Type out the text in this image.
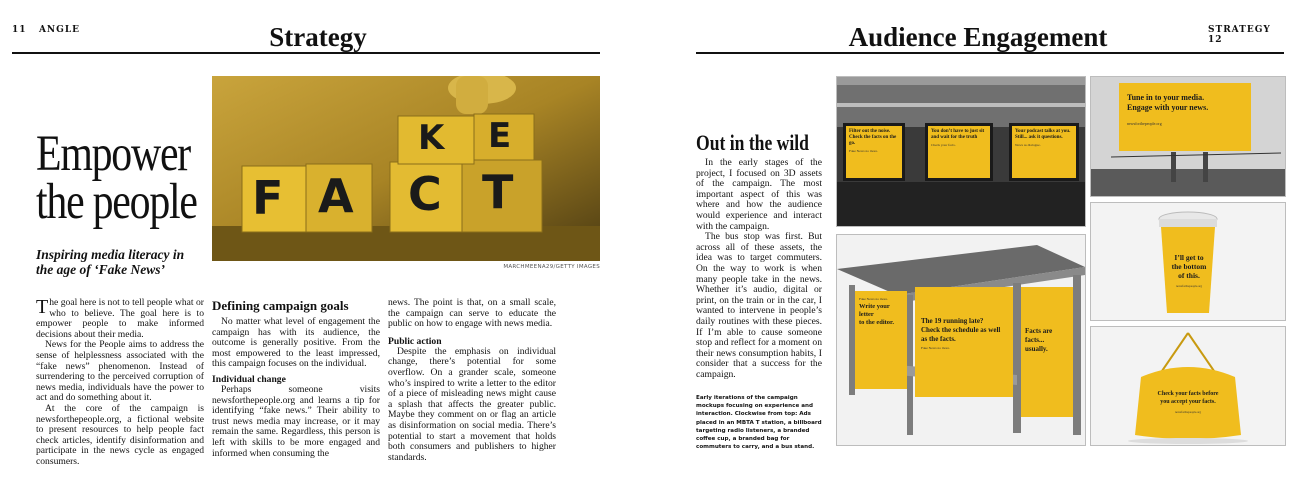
11 ANGLE	Strategy
F A C T
K E
MARCHMEENA29/GETTY IMAGES
Empower
the people
Inspiring media literacy in
the age of ‘Fake News’

The goal here is not to tell people what or who to believe. The goal here is to empower people to make informed decisions about their media.

News for the People aims to address the sense of helplessness associated with the “fake news” phenomenon. Instead of surrendering to the perceived corruption of news media, individuals have the power to act and do something about it.

At the core of the campaign is newsforthepeople.org, a fictional website to present resources to help people fact check articles, identify disinformation and participate in the news cycle as engaged consumers.

Defining campaign goals

No matter what level of engagement the campaign has with its audience, the outcome is generally positive. From the most empowered to the least impressed, this campaign focuses on the individual.

Individual change

Perhaps someone visits newsforthepeople.org and learns a tip for identifying “fake news.” Their ability to trust news media may increase, or it may remain the same. Regardless, this person is left with skills to be more engaged and informed when consuming the

news. The point is that, on a small scale, the campaign can serve to educate the public on how to engage with news media.

Public action

Despite the emphasis on individual change, there’s potential for some overflow. On a grander scale, someone who’s inspired to write a letter to the editor of a piece of misleading news might cause a splash that affects the greater public. Maybe they comment on or flag an article as disinformation on social media. There’s potential to start a movement that holds both consumers and publishers to higher standards.

Audience Engagement	STRATEGY   12
Out in the wild

In the early stages of the project, I focused on 3D assets of the campaign. The most important aspect of this was where and how the audience would experience and interact with the campaign.

The bus stop was first. But across all of these assets, the idea was to target commuters. On the way to work is when many people take in the news. Whether it’s audio, digital or print, on the train or in the car, I wanted to intervene in people’s daily routines with these pieces. If I’m able to cause someone stop and reflect for a moment on their news consumption habits, I consider that a success for the campaign.

Early iterations of the campaign mockups focusing on experience and interaction. Clockwise from top: Ads placed in an MBTA T station, a billboard targeting radio listeners, a branded coffee cup, a branded bag for commuters to carry, and a bus stand.
Filter out the noise.
Check the facts on the go.
Fake News no more.
You don’t have to just sit
and wait for the truth
Check your facts.
Your podcast talks at you.
Still... ask it questions.
News as dialogue.
Tune in to your media.
Engage with your news.
newsforthepeople.org
Fake News no more.
Write your letter
to the editor.	The 19 running late?
Check the schedule as well as the facts.
Fake News no more.
Facts are facts...
usually.
I’ll get to
the bottom
of this.
newsforthepeople.org
Check your facts before
you accept your facts.
newsforthepeople.org
